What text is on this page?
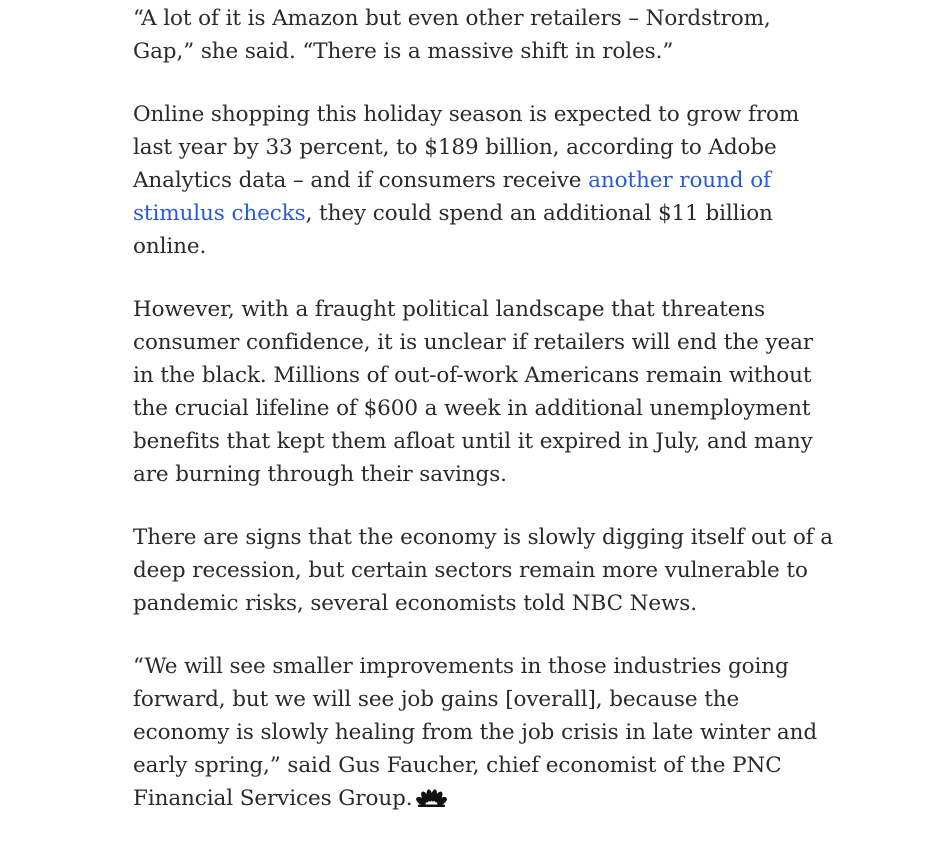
“A lot of it is Amazon but even other retailers – Nordstrom, Gap,” she said. “There is a massive shift in roles.”

Online shopping this holiday season is expected to grow from last year by 33 percent, to $189 billion, according to Adobe Analytics data – and if consumers receive another round of stimulus checks, they could spend an additional $11 billion online.

However, with a fraught political landscape that threatens consumer confidence, it is unclear if retailers will end the year in the black. Millions of out-of-work Americans remain without the crucial lifeline of $600 a week in additional unemployment benefits that kept them afloat until it expired in July, and many are burning through their savings.

There are signs that the economy is slowly digging itself out of a deep recession, but certain sectors remain more vulnerable to pandemic risks, several economists told NBC News.

“We will see smaller improvements in those industries going forward, but we will see job gains [overall], because the economy is slowly healing from the job crisis in late winter and early spring,” said Gus Faucher, chief economist of the PNC Financial Services Group.
